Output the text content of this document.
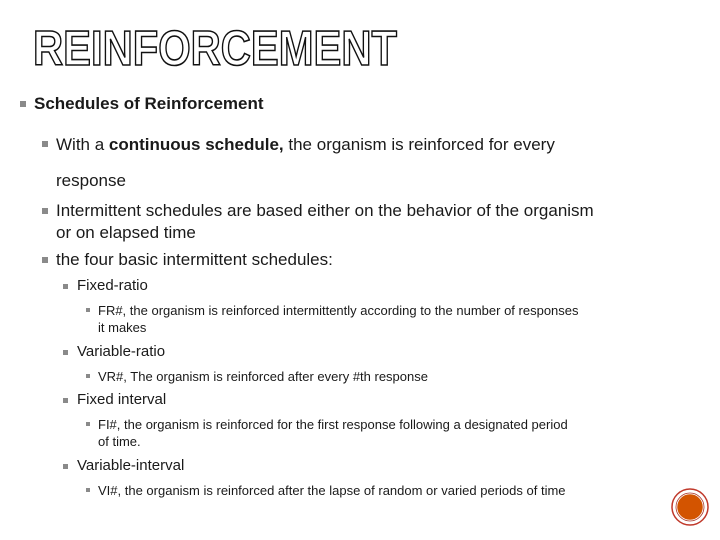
REINFORCEMENT
Schedules of Reinforcement
With a continuous schedule, the organism is reinforced for every
response
Intermittent schedules are based either on the behavior of the organism
or on elapsed time
the four basic intermittent schedules:
Fixed-ratio
FR#, the organism is reinforced intermittently according to the number of responses
it makes
Variable-ratio
VR#, The organism is reinforced after every #th response
Fixed interval
FI#, the organism is reinforced for the first response following a designated period
of time.
Variable-interval
VI#, the organism is reinforced after the lapse of random or varied periods of time
